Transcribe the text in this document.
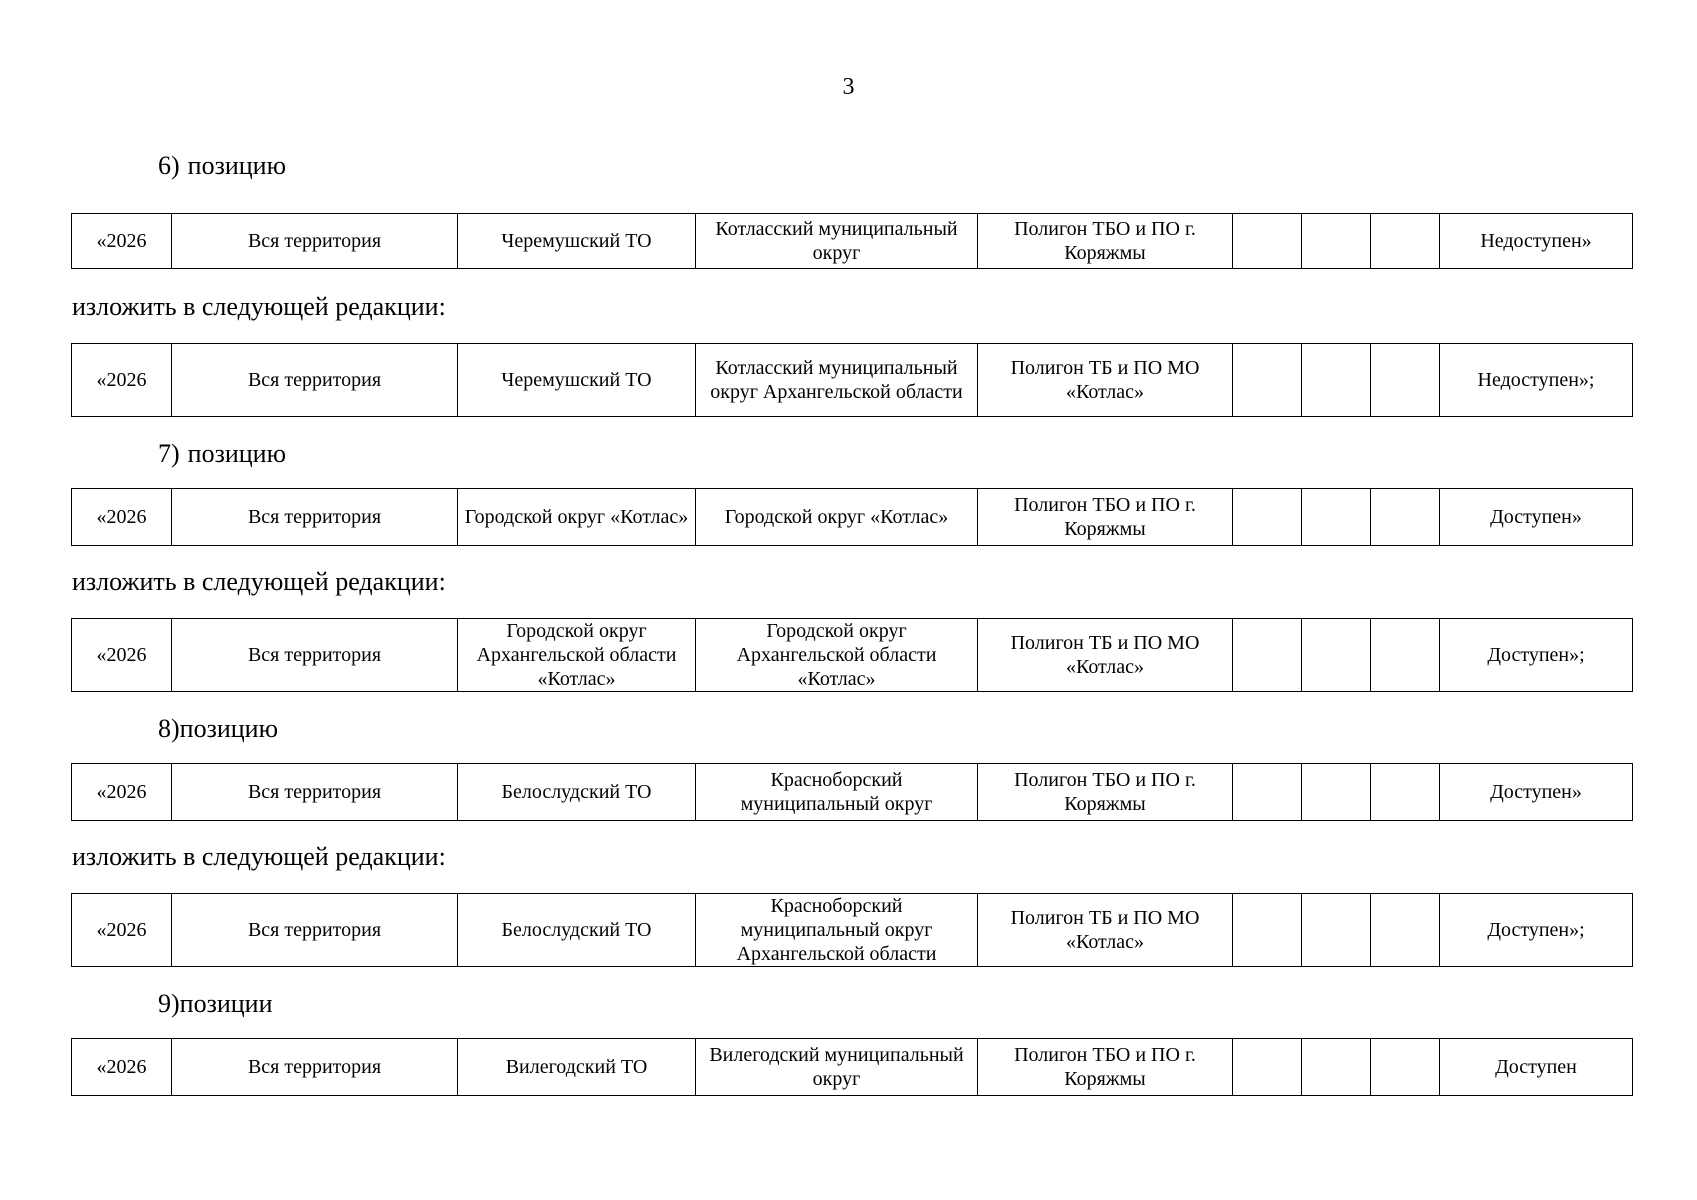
3
6) позицию
«2026	Вся территория	Черемушский ТО	Котласский муниципальный округ	Полигон ТБО и ПО г. Коряжмы				Недоступен»
изложить в следующей редакции:
«2026	Вся территория	Черемушский ТО	Котласский муниципальный округ Архангельской области	Полигон ТБ и ПО МО «Котлас»				Недоступен»;
7) позицию
«2026	Вся территория	Городской округ «Котлас»	Городской округ «Котлас»	Полигон ТБО и ПО г. Коряжмы				Доступен»
изложить в следующей редакции:
«2026	Вся территория	Городской округ Архангельской области «Котлас»	Городской округ Архангельской области «Котлас»	Полигон ТБ и ПО МО «Котлас»				Доступен»;
8)позицию
«2026	Вся территория	Белослудский ТО	Красноборский муниципальный округ	Полигон ТБО и ПО г. Коряжмы				Доступен»
изложить в следующей редакции:
«2026	Вся территория	Белослудский ТО	Красноборский муниципальный округ Архангельской области	Полигон ТБ и ПО МО «Котлас»				Доступен»;
9)позиции
«2026	Вся территория	Вилегодский ТО	Вилегодский муниципальный округ	Полигон ТБО и ПО г. Коряжмы				Доступен
